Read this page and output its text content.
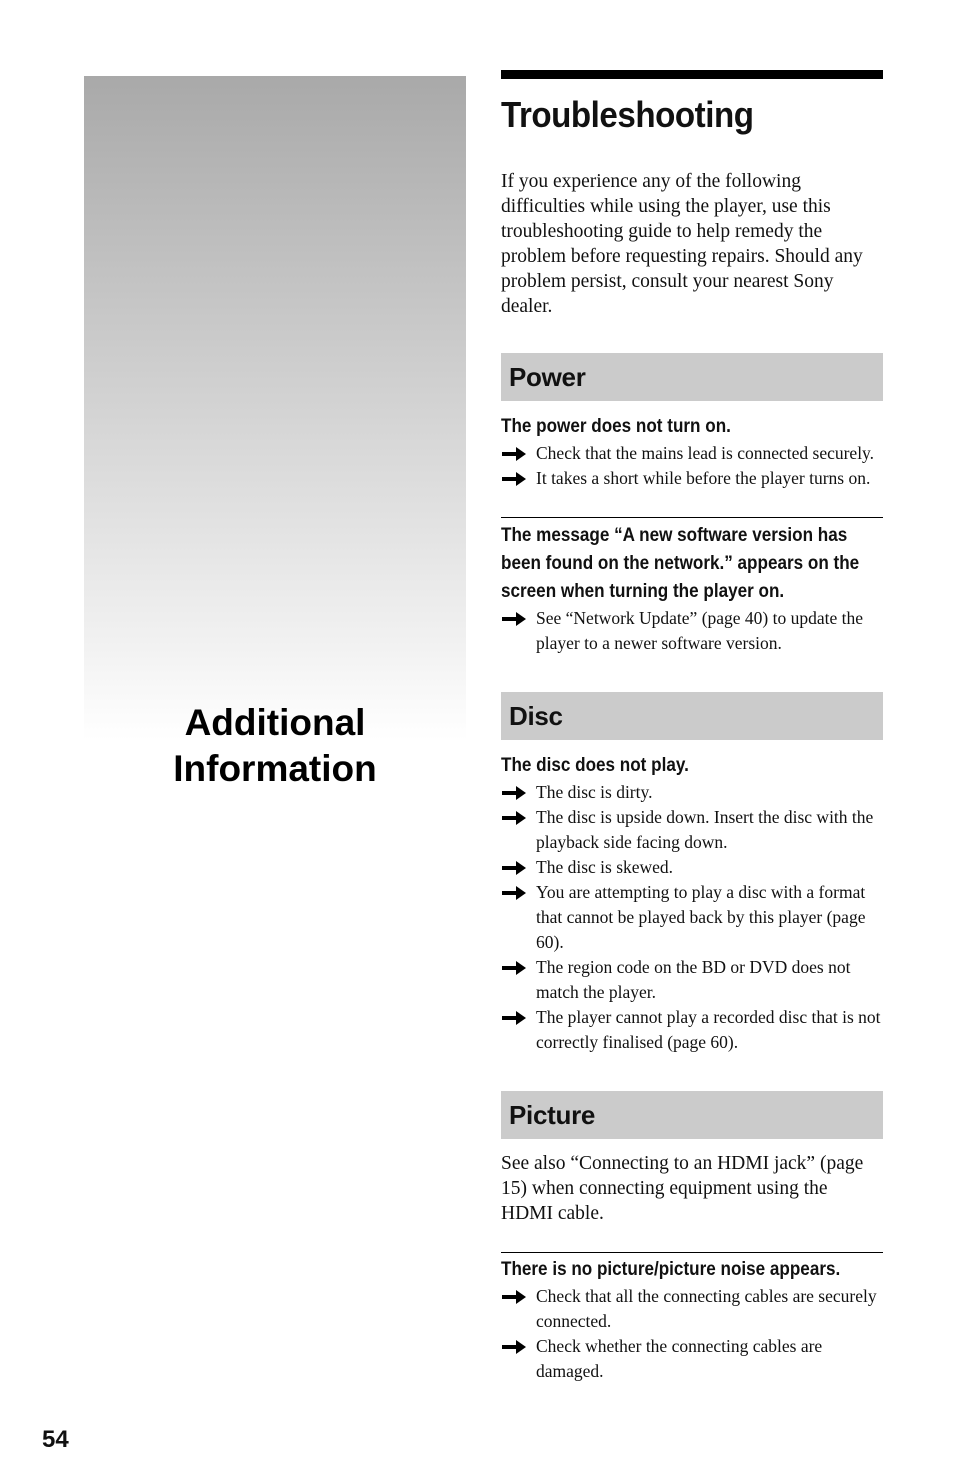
Additional
Information
Troubleshooting

If you experience any of the following difficulties while using the player, use this troubleshooting guide to help remedy the problem before requesting repairs. Should any problem persist, consult your nearest Sony dealer.

Power
The power does not turn on.
Check that the mains lead is connected securely.
It takes a short while before the player turns on.
The message “A new software version has been found on the network.” appears on the screen when turning the player on.
See “Network Update” (page 40) to update the player to a newer software version.
Disc
The disc does not play.
The disc is dirty.
The disc is upside down. Insert the disc with the playback side facing down.
The disc is skewed.
You are attempting to play a disc with a format that cannot be played back by this player (page 60).
The region code on the BD or DVD does not match the player.
The player cannot play a recorded disc that is not correctly finalised (page 60).
Picture
See also “Connecting to an HDMI jack” (page 15) when connecting equipment using the HDMI cable.
There is no picture/picture noise appears.
Check that all the connecting cables are securely connected.
Check whether the connecting cables are damaged.

54
